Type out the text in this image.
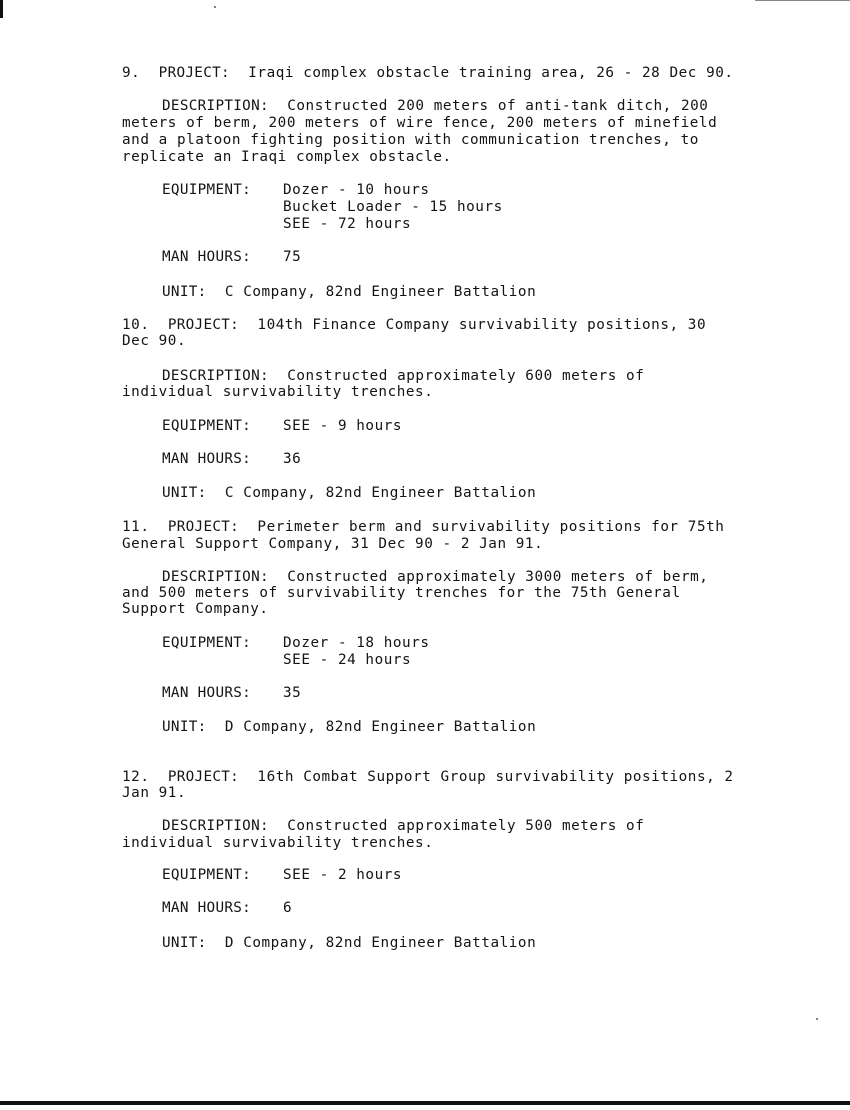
9. PROJECT: Iraqi complex obstacle training area, 26 - 28 Dec 90.
DESCRIPTION: Constructed 200 meters of anti-tank ditch, 200
meters of berm, 200 meters of wire fence, 200 meters of minefield
and a platoon fighting position with communication trenches, to
replicate an Iraqi complex obstacle.
EQUIPMENT: Dozer - 10 hours
Bucket Loader - 15 hours
SEE - 72 hours
MAN HOURS: 75
UNIT: C Company, 82nd Engineer Battalion
10. PROJECT: 104th Finance Company survivability positions, 30
Dec 90.
DESCRIPTION: Constructed approximately 600 meters of
individual survivability trenches.
EQUIPMENT: SEE - 9 hours
MAN HOURS: 36
UNIT: C Company, 82nd Engineer Battalion
11. PROJECT: Perimeter berm and survivability positions for 75th
General Support Company, 31 Dec 90 - 2 Jan 91.
DESCRIPTION: Constructed approximately 3000 meters of berm,
and 500 meters of survivability trenches for the 75th General
Support Company.
EQUIPMENT: Dozer - 18 hours
SEE - 24 hours
MAN HOURS: 35
UNIT: D Company, 82nd Engineer Battalion
12. PROJECT: 16th Combat Support Group survivability positions, 2
Jan 91.
DESCRIPTION: Constructed approximately 500 meters of
individual survivability trenches.
EQUIPMENT: SEE - 2 hours
MAN HOURS: 6
UNIT: D Company, 82nd Engineer Battalion
